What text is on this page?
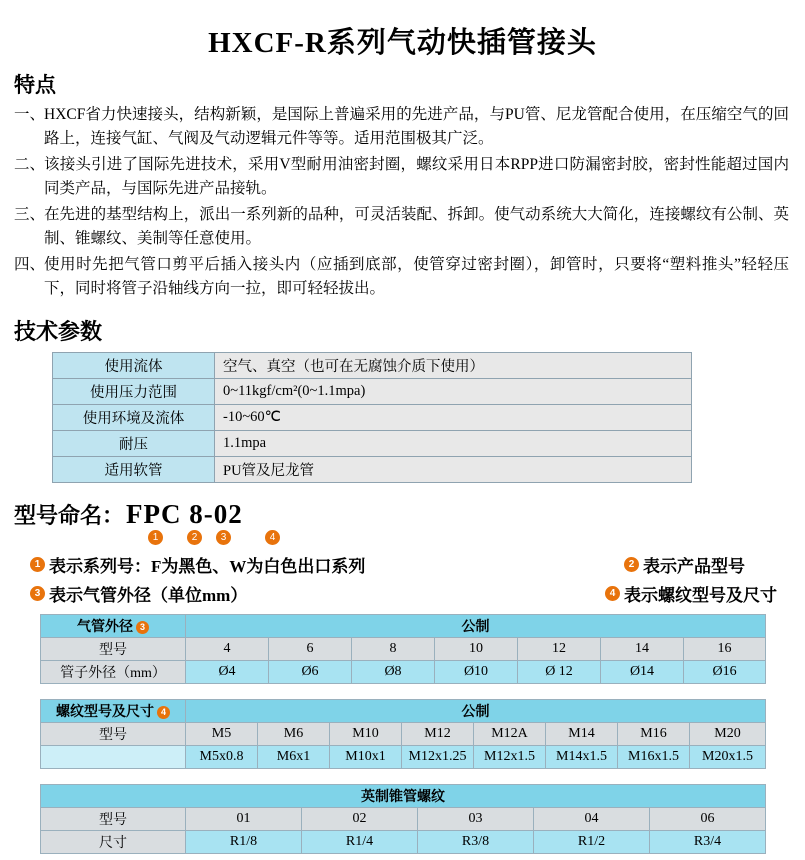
HXCF-R系列气动快插管接头
特点
一、
HXCF省力快速接头，结构新颖，是国际上普遍采用的先进产品，与PU管、尼龙管配合使用，在压缩空气的回路上，连接气缸、气阀及气动逻辑元件等等。适用范围极其广泛。
二、
该接头引进了国际先进技术，采用V型耐用油密封圈，螺纹采用日本RPP进口防漏密封胶，密封性能超过国内同类产品，与国际先进产品接轨。
三、
在先进的基型结构上，派出一系列新的品种，可灵活装配、拆卸。使气动系统大大简化，连接螺纹有公制、英制、锥螺纹、美制等任意使用。
四、
使用时先把气管口剪平后插入接头内（应插到底部，使管穿过密封圈），卸管时，只要将“塑料推头”轻轻压下，同时将管子沿轴线方向一拉，即可轻轻拔出。
技术参数
使用流体	空气、真空（也可在无腐蚀介质下使用）
使用压力范围	0~11kgf/cm²(0~1.1mpa)
使用环境及流体	-10~60℃
耐压	1.1mpa
适用软管	PU管及尼龙管
型号命名： FPC 8-02
1	2	3	4
1 表示系列号：F为黑色、W为白色出口系列	2 表示产品型号
3 表示气管外径（单位mm）	4 表示螺纹型号及尺寸
气管外径 3	公制						
型号	4	6	8	10	12	14	16
管子外径（mm）	Ø4	Ø6	Ø8	Ø10	Ø 12	Ø14	Ø16
螺纹型号及尺寸 4	公制							
型号	M5	M6	M10	M12	M12A	M14	M16	M20
	M5x0.8	M6x1	M10x1	M12x1.25	M12x1.5	M14x1.5	M16x1.5	M20x1.5
英制锥管螺纹					
型号	01	02	03	04	06
尺寸	R1/8	R1/4	R3/8	R1/2	R3/4
